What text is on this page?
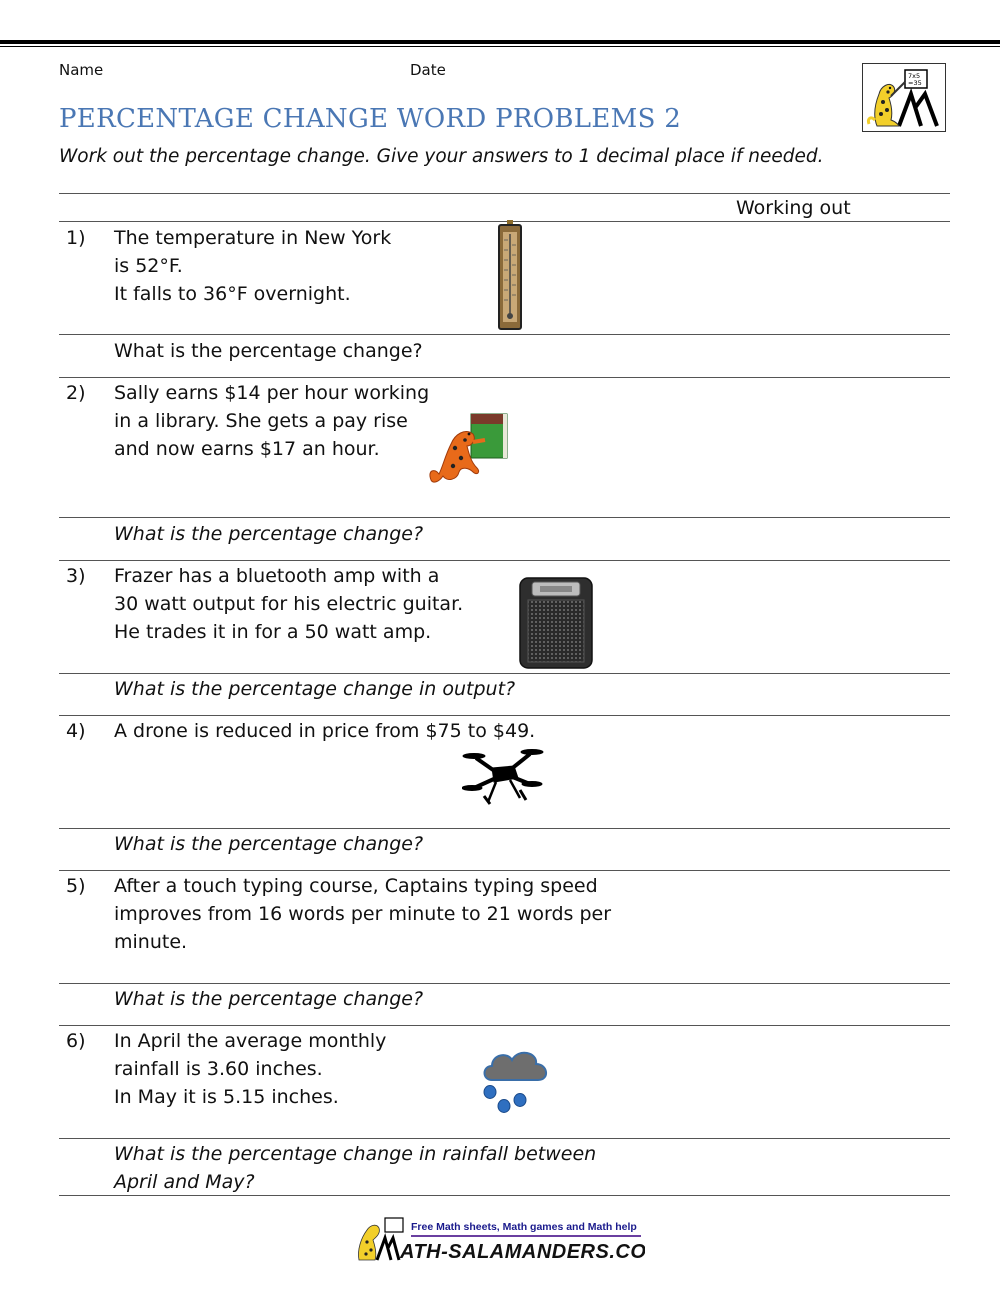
Name	Date	7x5
=35
PERCENTAGE CHANGE WORD PROBLEMS 2
Work out the percentage change. Give your answers to 1 decimal place if needed.
Working out
1) The temperature in New York
is 52°F.
It falls to 36°F overnight.
What is the percentage change?
2) Sally earns $14 per hour working
in a library. She gets a pay rise
and now earns $17 an hour.
What is the percentage change?
3) Frazer has a bluetooth amp with a
30 watt output for his electric guitar.
He trades it in for a 50 watt amp.
What is the percentage change in output?
4) A drone is reduced in price from $75 to $49.
What is the percentage change?
5) After a touch typing course, Captains typing speed
improves from 16 words per minute to 21 words per
minute.
What is the percentage change?
6) In April the average monthly
rainfall is 3.60 inches.
In May it is 5.15 inches.
What is the percentage change in rainfall between
April and May?
Free Math sheets, Math games and Math help
ATH-SALAMANDERS.COM
